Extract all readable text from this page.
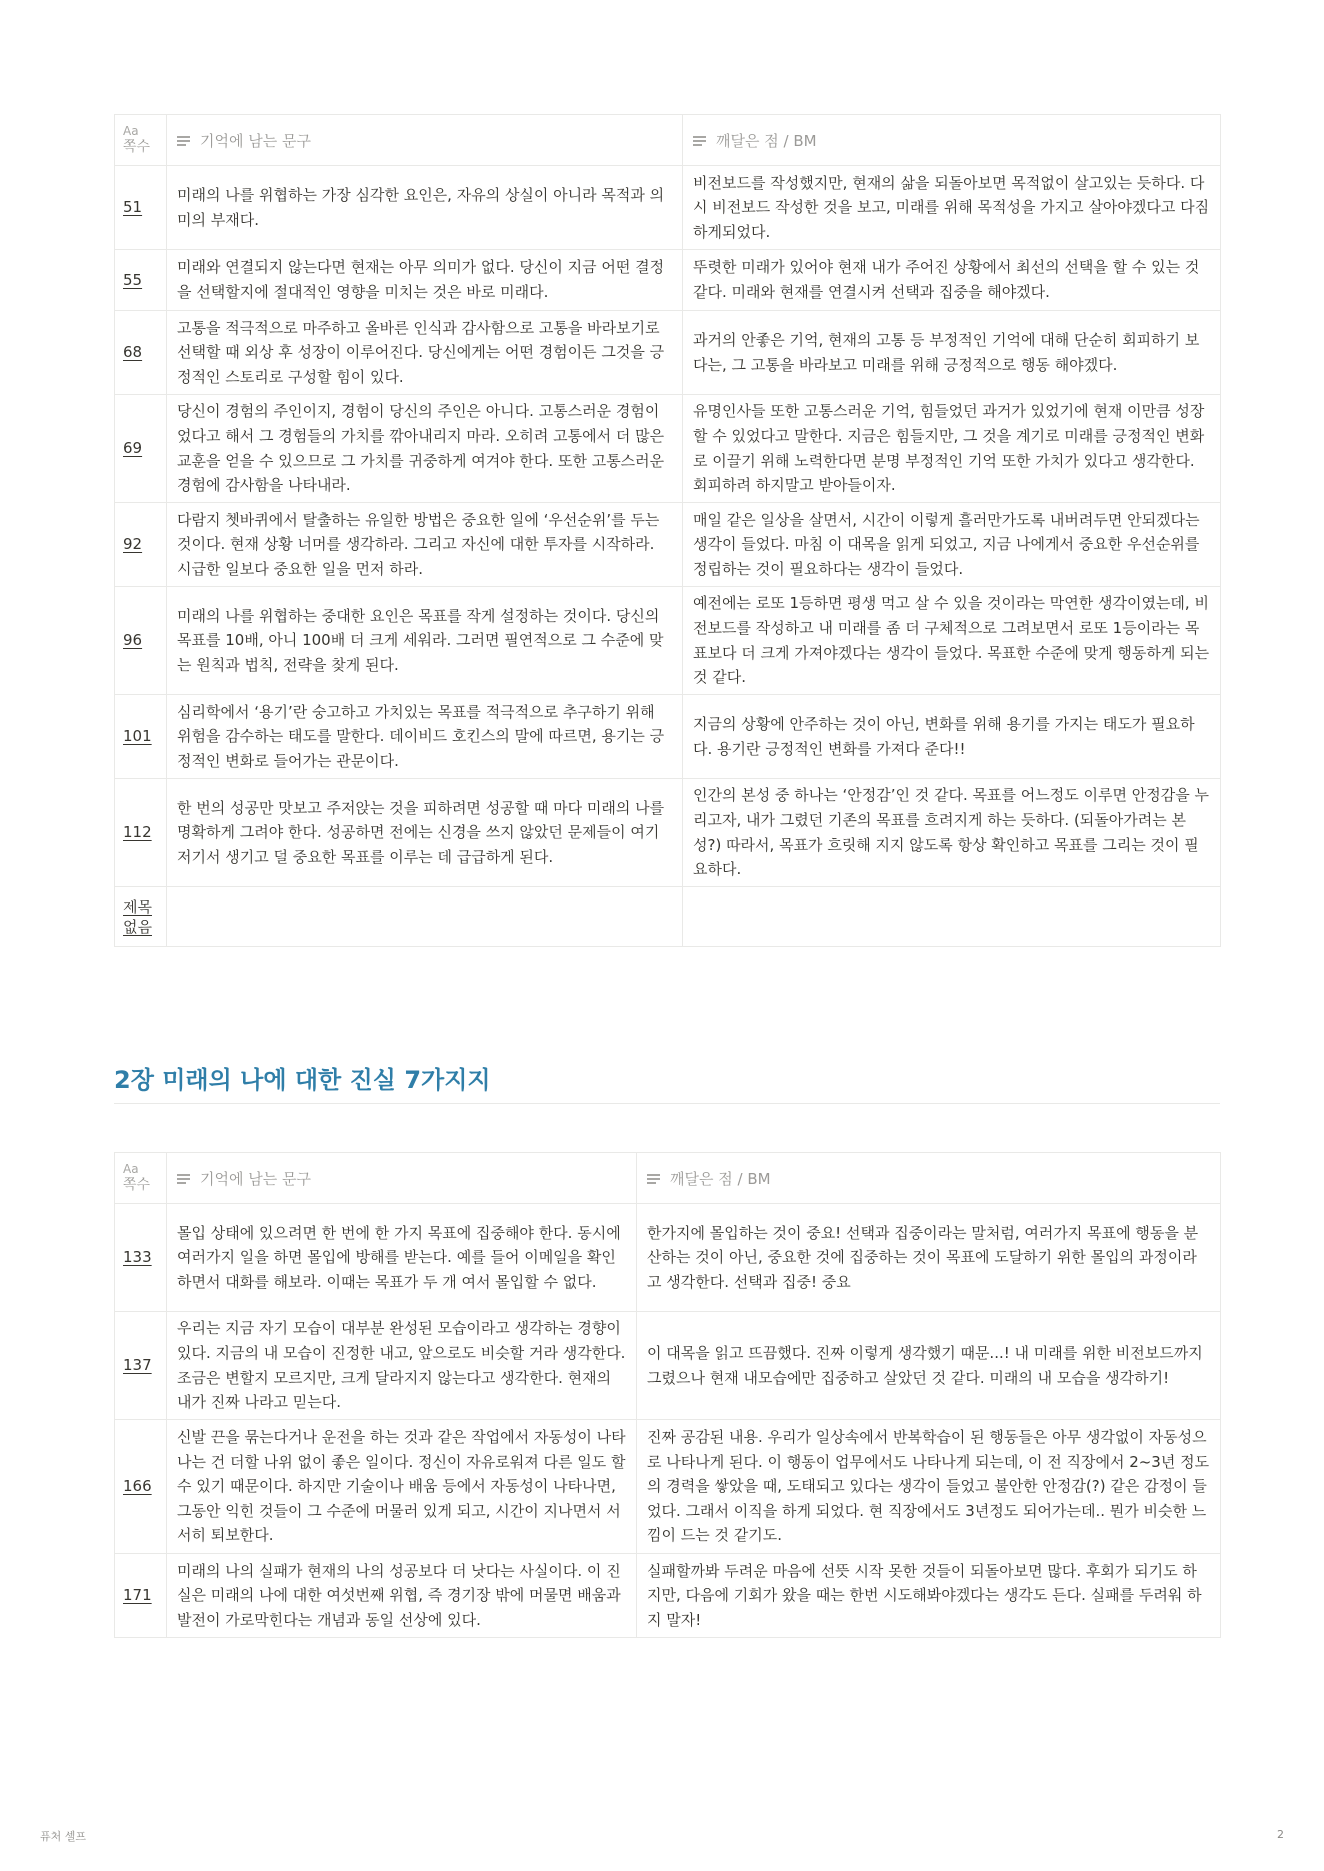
Aa
쪽수	기억에 남는 문구	깨달은 점 / BM
51	미래의 나를 위협하는 가장 심각한 요인은, 자유의 상실이 아니라 목적과 의미의 부재다.	비전보드를 작성했지만, 현재의 삶을 되돌아보면 목적없이 살고있는 듯하다. 다시 비전보드 작성한 것을 보고, 미래를 위해 목적성을 가지고 살아야겠다고 다짐하게되었다.
55	미래와 연결되지 않는다면 현재는 아무 의미가 없다. 당신이 지금 어떤 결정을 선택할지에 절대적인 영향을 미치는 것은 바로 미래다.	뚜렷한 미래가 있어야 현재 내가 주어진 상황에서 최선의 선택을 할 수 있는 것 같다. 미래와 현재를 연결시켜 선택과 집중을 해야겠다.
68	고통을 적극적으로 마주하고 올바른 인식과 감사함으로 고통을 바라보기로 선택할 때 외상 후 성장이 이루어진다. 당신에게는 어떤 경험이든 그것을 긍정적인 스토리로 구성할 힘이 있다.	과거의 안좋은 기억, 현재의 고통 등 부정적인 기억에 대해 단순히 회피하기 보다는, 그 고통을 바라보고 미래를 위해 긍정적으로 행동 해야겠다.
69	당신이 경험의 주인이지, 경험이 당신의 주인은 아니다. 고통스러운 경험이었다고 해서 그 경험들의 가치를 깎아내리지 마라. 오히려 고통에서 더 많은 교훈을 얻을 수 있으므로 그 가치를 귀중하게 여겨야 한다. 또한 고통스러운 경험에 감사함을 나타내라.	유명인사들 또한 고통스러운 기억, 힘들었던 과거가 있었기에 현재 이만큼 성장할 수 있었다고 말한다. 지금은 힘들지만, 그 것을 계기로 미래를 긍정적인 변화로 이끌기 위해 노력한다면 분명 부정적인 기억 또한 가치가 있다고 생각한다. 회피하려 하지말고 받아들이자.
92	다람지 쳇바퀴에서 탈출하는 유일한 방법은 중요한 일에 ‘우선순위’를 두는 것이다. 현재 상황 너머를 생각하라. 그리고 자신에 대한 투자를 시작하라. 시급한 일보다 중요한 일을 먼저 하라.	매일 같은 일상을 살면서, 시간이 이렇게 흘러만가도록 내버려두면 안되겠다는 생각이 들었다. 마침 이 대목을 읽게 되었고, 지금 나에게서 중요한 우선순위를 정립하는 것이 필요하다는 생각이 들었다.
96	미래의 나를 위협하는 중대한 요인은 목표를 작게 설정하는 것이다. 당신의 목표를 10배, 아니 100배 더 크게 세워라. 그러면 필연적으로 그 수준에 맞는 원칙과 법칙, 전략을 찾게 된다.	예전에는 로또 1등하면 평생 먹고 살 수 있을 것이라는 막연한 생각이였는데, 비전보드를 작성하고 내 미래를 좀 더 구체적으로 그려보면서 로또 1등이라는 목표보다 더 크게 가져야겠다는 생각이 들었다. 목표한 수준에 맞게 행동하게 되는 것 같다.
101	심리학에서 ‘용기’란 숭고하고 가치있는 목표를 적극적으로 추구하기 위해 위험을 감수하는 태도를 말한다. 데이비드 호킨스의 말에 따르면, 용기는 긍정적인 변화로 들어가는 관문이다.	지금의 상황에 안주하는 것이 아닌, 변화를 위해 용기를 가지는 태도가 필요하다. 용기란 긍정적인 변화를 가져다 준다!!
112	한 번의 성공만 맛보고 주저앉는 것을 피하려면 성공할 때 마다 미래의 나를 명확하게 그려야 한다. 성공하면 전에는 신경을 쓰지 않았던 문제들이 여기저기서 생기고 덜 중요한 목표를 이루는 데 급급하게 된다.	인간의 본성 중 하나는 ‘안정감’인 것 같다. 목표를 어느정도 이루면 안정감을 누리고자, 내가 그렸던 기존의 목표를 흐려지게 하는 듯하다. (되돌아가려는 본성?) 따라서, 목표가 흐릿해 지지 않도록 항상 확인하고 목표를 그리는 것이 필요하다.
제목 없음		
2장 미래의 나에 대한 진실 7가지지
Aa
쪽수	기억에 남는 문구	깨달은 점 / BM
133	몰입 상태에 있으려면 한 번에 한 가지 목표에 집중해야 한다. 동시에 여러가지 일을 하면 몰입에 방해를 받는다. 예를 들어 이메일을 확인하면서 대화를 해보라. 이때는 목표가 두 개 여서 몰입할 수 없다.	한가지에 몰입하는 것이 중요! 선택과 집중이라는 말처럼, 여러가지 목표에 행동을 분산하는 것이 아닌, 중요한 것에 집중하는 것이 목표에 도달하기 위한 몰입의 과정이라고 생각한다. 선택과 집중! 중요
137	우리는 지금 자기 모습이 대부분 완성된 모습이라고 생각하는 경향이 있다. 지금의 내 모습이 진정한 내고, 앞으로도 비슷할 거라 생각한다. 조금은 변할지 모르지만, 크게 달라지지 않는다고 생각한다. 현재의 내가 진짜 나라고 믿는다.	이 대목을 읽고 뜨끔했다. 진짜 이렇게 생각했기 때문...! 내 미래를 위한 비전보드까지 그렸으나 현재 내모습에만 집중하고 살았던 것 같다. 미래의 내 모습을 생각하기!
166	신발 끈을 묶는다거나 운전을 하는 것과 같은 작업에서 자동성이 나타나는 건 더할 나위 없이 좋은 일이다. 정신이 자유로워져 다른 일도 할 수 있기 때문이다. 하지만 기술이나 배움 등에서 자동성이 나타나면, 그동안 익힌 것들이 그 수준에 머물러 있게 되고, 시간이 지나면서 서서히 퇴보한다.	진짜 공감된 내용. 우리가 일상속에서 반복학습이 된 행동들은 아무 생각없이 자동성으로 나타나게 된다. 이 행동이 업무에서도 나타나게 되는데, 이 전 직장에서 2~3년 정도의 경력을 쌓았을 때, 도태되고 있다는 생각이 들었고 불안한 안정감(?) 같은 감정이 들었다. 그래서 이직을 하게 되었다. 현 직장에서도 3년정도 되어가는데.. 뭔가 비슷한 느낌이 드는 것 같기도.
171	미래의 나의 실패가 현재의 나의 성공보다 더 낫다는 사실이다. 이 진실은 미래의 나에 대한 여섯번째 위협, 즉 경기장 밖에 머물면 배움과 발전이 가로막힌다는 개념과 동일 선상에 있다.	실패할까봐 두려운 마음에 선뜻 시작 못한 것들이 되돌아보면 많다. 후회가 되기도 하지만, 다음에 기회가 왔을 때는 한번 시도해봐야겠다는 생각도 든다. 실패를 두려워 하지 말자!
퓨처 셀프	2
